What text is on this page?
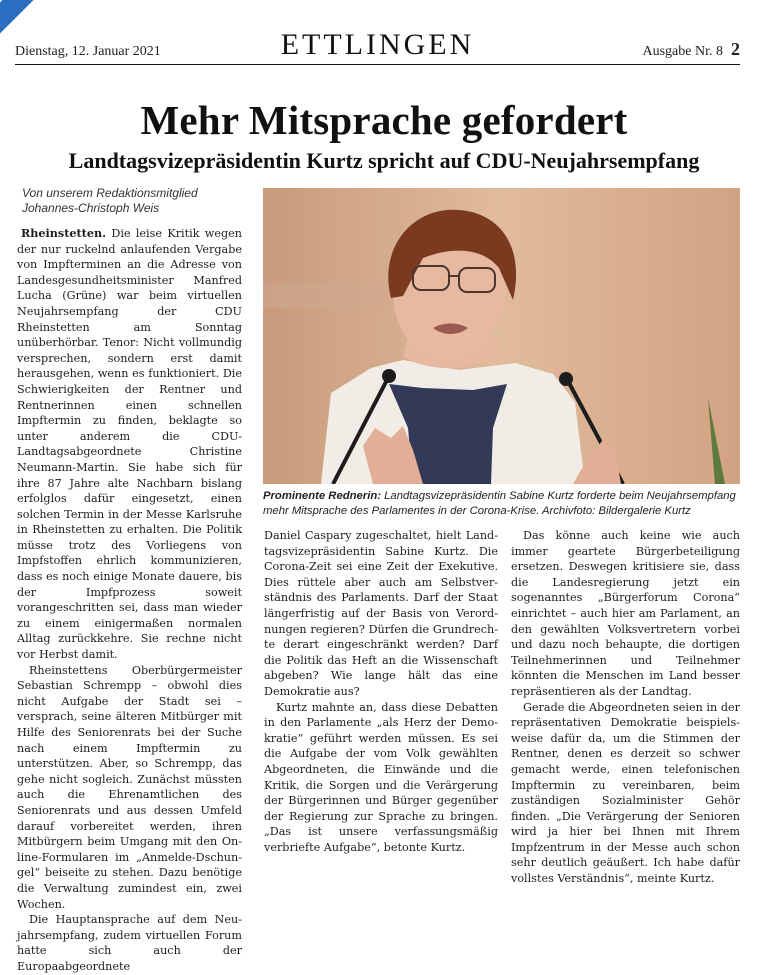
Dienstag, 12. Januar 2021	ETTLINGEN	Ausgabe Nr. 8 2
Mehr Mitsprache gefordert
Landtagsvizepräsidentin Kurtz spricht auf CDU-Neujahrsempfang
Von unserem Redaktionsmitglied
Johannes-Christoph Weis

Rheinstetten. Die leise Kritik wegen der nur ruckelnd anlaufenden Vergabe von Impfterminen an die Adresse von Landesgesundheitsminister Manfred Lucha (Grüne) war beim virtuellen Neujahrsempfang der CDU Rheinstetten am Sonntag unüberhörbar. Tenor: Nicht vollmundig versprechen, sondern erst damit herausgehen, wenn es funktioniert. Die Schwierigkeiten der Rentner und Rentnerinnen einen schnellen Impftermin zu finden, beklagte so unter anderem die CDU-Landtagsabgeordnete Christine Neumann-Martin. Sie habe sich für ihre 87 Jahre alte Nachbarn bislang erfolglos dafür eingesetzt, einen solchen Termin in der Messe Karlsruhe in Rheinstetten zu erhalten. Die Politik müsse trotz des Vorliegens von Impfstoffen ehrlich kommunizieren, dass es noch einige Monate dauere, bis der Impfprozess soweit vorangeschritten sei, dass man wieder zu einem einigermaßen normalen Alltag zurückkehre. Sie rechne nicht vor Herbst damit.

Rheinstettens Oberbürgermeister Sebastian Schrempp – obwohl dies nicht Aufgabe der Stadt sei – versprach, seine älteren Mitbürger mit Hilfe des Seniorenrats bei der Suche nach einem Impftermin zu unterstützen. Aber, so Schrempp, das gehe nicht sogleich. Zunächst müssten auch die Ehrenamtlichen des Seniorenrats und aus dessen Umfeld darauf vorbereitet werden, ihren Mitbürgern beim Umgang mit den Online-Formularen im „Anmelde-Dschungel“ beiseite zu stehen. Dazu benötige die Verwaltung zumindest ein, zwei Wochen.

Die Hauptansprache auf dem Neujahrsempfang, zudem virtuellen Forum hatte sich auch der Europaabgeordnete

Prominente Rednerin: Landtagsvizepräsidentin Sabine Kurtz forderte beim Neujahrsempfang mehr Mitsprache des Parlamentes in der Corona-Krise. Archivfoto: Bildergalerie Kurtz

Daniel Caspary zugeschaltet, hielt Landtagsvizepräsidentin Sabine Kurtz. Die Corona-Zeit sei eine Zeit der Exekutive. Dies rüttele aber auch am Selbstverständnis des Parlaments. Darf der Staat längerfristig auf der Basis von Verordnungen regieren? Dürfen die Grundrechte derart eingeschränkt werden? Darf die Politik das Heft an die Wissenschaft abgeben? Wie lange hält das eine Demokratie aus?

Kurtz mahnte an, dass diese Debatten in den Parlamente „als Herz der Demokratie“ geführt werden müssen. Es sei die Aufgabe der vom Volk gewählten Abgeordneten, die Einwände und die Kritik, die Sorgen und die Verärgerung der Bürgerinnen und Bürger gegenüber der Regierung zur Sprache zu bringen. „Das ist unsere verfassungsmäßig verbriefte Aufgabe“, betonte Kurtz.

Das könne auch keine wie auch immer geartete Bürgerbeteiligung ersetzen. Deswegen kritisiere sie, dass die Landesregierung jetzt ein sogenanntes „Bürgerforum Corona“ einrichtet – auch hier am Parlament, an den gewählten Volksvertretern vorbei und dazu noch behaupte, die dortigen Teilnehmerinnen und Teilnehmer könnten die Menschen im Land besser repräsentieren als der Landtag.

Gerade die Abgeordneten seien in der repräsentativen Demokratie beispielsweise dafür da, um die Stimmen der Rentner, denen es derzeit so schwer gemacht werde, einen telefonischen Impftermin zu vereinbaren, beim zuständigen Sozialminister Gehör finden. „Die Verärgerung der Senioren wird ja hier bei Ihnen mit Ihrem Impfzentrum in der Messe auch schon sehr deutlich geäußert. Ich habe dafür vollstes Verständnis“, meinte Kurtz.
